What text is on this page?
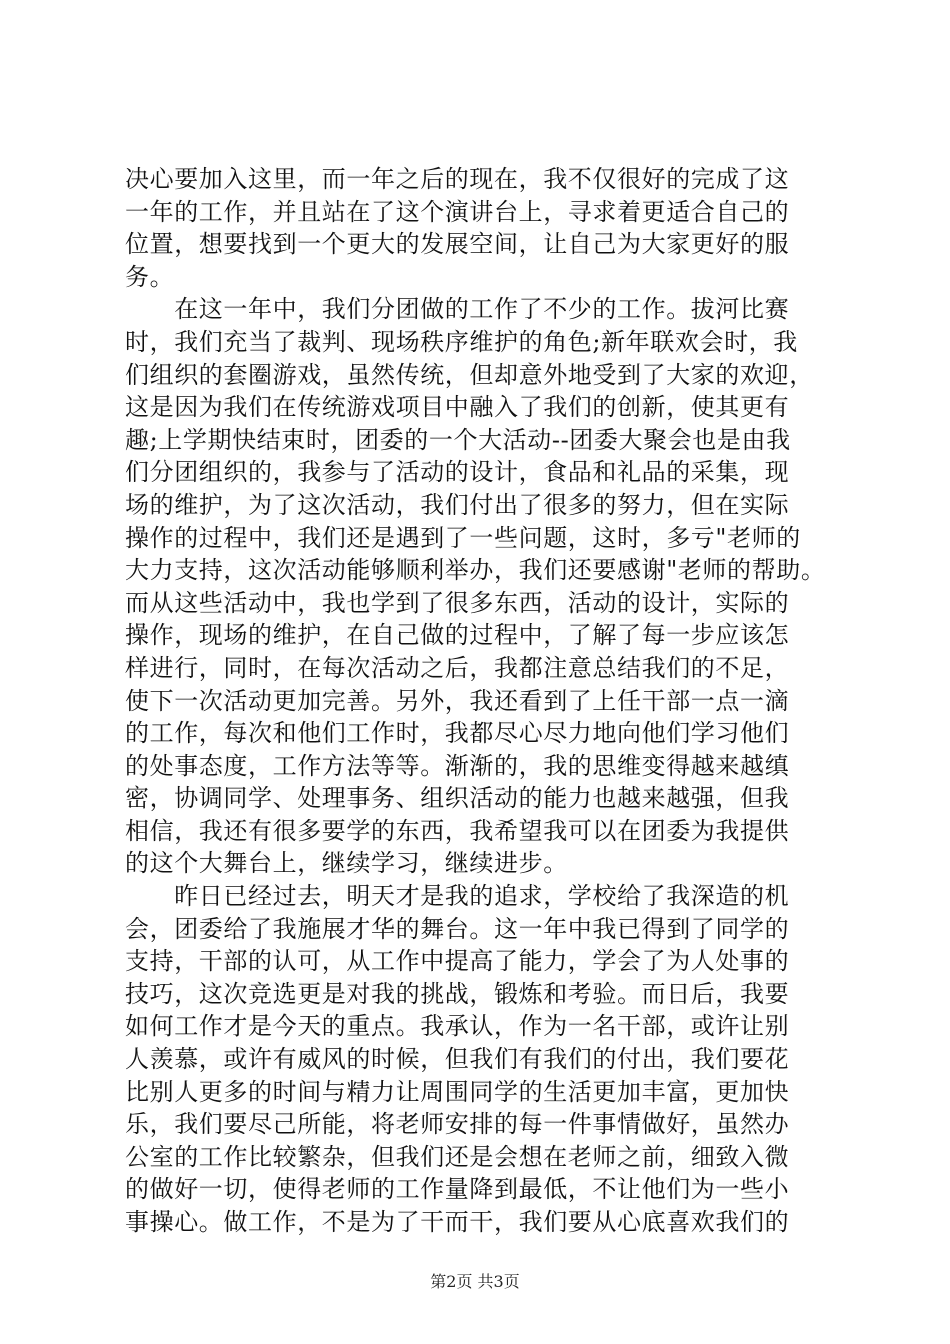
决心要加入这里，而一年之后的现在，我不仅很好的完成了这
一年的工作，并且站在了这个演讲台上，寻求着更适合自己的
位置，想要找到一个更大的发展空间，让自己为大家更好的服
务。
　　在这一年中，我们分团做的工作了不少的工作。拔河比赛
时，我们充当了裁判、现场秩序维护的角色;新年联欢会时，我
们组织的套圈游戏，虽然传统，但却意外地受到了大家的欢迎，
这是因为我们在传统游戏项目中融入了我们的创新，使其更有
趣;上学期快结束时，团委的一个大活动--团委大聚会也是由我
们分团组织的，我参与了活动的设计，食品和礼品的采集，现
场的维护，为了这次活动，我们付出了很多的努力，但在实际
操作的过程中，我们还是遇到了一些问题，这时，多亏"老师的
大力支持，这次活动能够顺利举办，我们还要感谢"老师的帮助。
而从这些活动中，我也学到了很多东西，活动的设计，实际的
操作，现场的维护，在自己做的过程中，了解了每一步应该怎
样进行，同时，在每次活动之后，我都注意总结我们的不足，
使下一次活动更加完善。另外，我还看到了上任干部一点一滴
的工作，每次和他们工作时，我都尽心尽力地向他们学习他们
的处事态度，工作方法等等。渐渐的，我的思维变得越来越缜
密，协调同学、处理事务、组织活动的能力也越来越强，但我
相信，我还有很多要学的东西，我希望我可以在团委为我提供
的这个大舞台上，继续学习，继续进步。
　　昨日已经过去，明天才是我的追求，学校给了我深造的机
会，团委给了我施展才华的舞台。这一年中我已得到了同学的
支持，干部的认可，从工作中提高了能力，学会了为人处事的
技巧，这次竞选更是对我的挑战，锻炼和考验。而日后，我要
如何工作才是今天的重点。我承认，作为一名干部，或许让别
人羡慕，或许有威风的时候，但我们有我们的付出，我们要花
比别人更多的时间与精力让周围同学的生活更加丰富，更加快
乐，我们要尽己所能，将老师安排的每一件事情做好，虽然办
公室的工作比较繁杂，但我们还是会想在老师之前，细致入微
的做好一切，使得老师的工作量降到最低，不让他们为一些小
事操心。做工作，不是为了干而干，我们要从心底喜欢我们的
第2页 共3页
